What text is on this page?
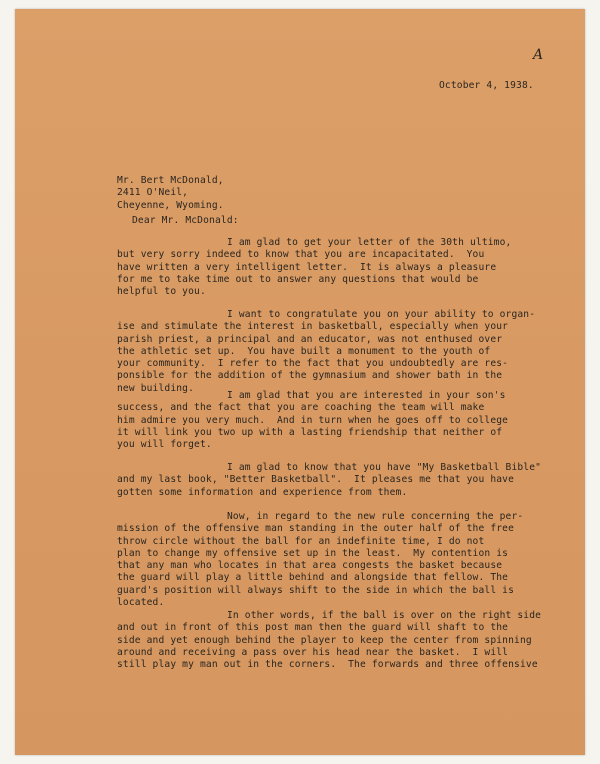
A

October 4, 1938.

Mr. Bert McDonald,
2411 O'Neil,
Cheyenne, Wyoming.

Dear Mr. McDonald:

I am glad to get your letter of the 30th ultimo,
but very sorry indeed to know that you are incapacitated.  You
have written a very intelligent letter.  It is always a pleasure
for me to take time out to answer any questions that would be
helpful to you.
I want to congratulate you on your ability to organ-
ise and stimulate the interest in basketball, especially when your
parish priest, a principal and an educator, was not enthused over
the athletic set up.  You have built a monument to the youth of
your community.  I refer to the fact that you undoubtedly are res-
ponsible for the addition of the gymnasium and shower bath in the
new building.
I am glad that you are interested in your son's
success, and the fact that you are coaching the team will make
him admire you very much.  And in turn when he goes off to college
it will link you two up with a lasting friendship that neither of
you will forget.
I am glad to know that you have "My Basketball Bible"
and my last book, "Better Basketball".  It pleases me that you have
gotten some information and experience from them.
Now, in regard to the new rule concerning the per-
mission of the offensive man standing in the outer half of the free
throw circle without the ball for an indefinite time, I do not
plan to change my offensive set up in the least.  My contention is
that any man who locates in that area congests the basket because
the guard will play a little behind and alongside that fellow. The
guard's position will always shift to the side in which the ball is
located.
In other words, if the ball is over on the right side
and out in front of this post man then the guard will shaft to the
side and yet enough behind the player to keep the center from spinning
around and receiving a pass over his head near the basket.  I will
still play my man out in the corners.  The forwards and three offensive
